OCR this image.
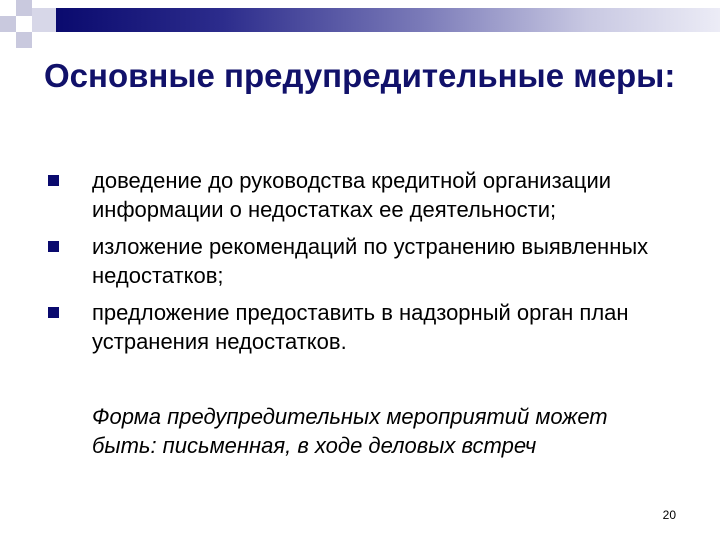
Основные предупредительные меры:
доведение до руководства кредитной организации информации о недостатках ее деятельности;
изложение рекомендаций по устранению выявленных недостатков;
предложение предоставить в надзорный орган план устранения недостатков.

Форма предупредительных мероприятий может быть: письменная, в ходе деловых встреч

20
